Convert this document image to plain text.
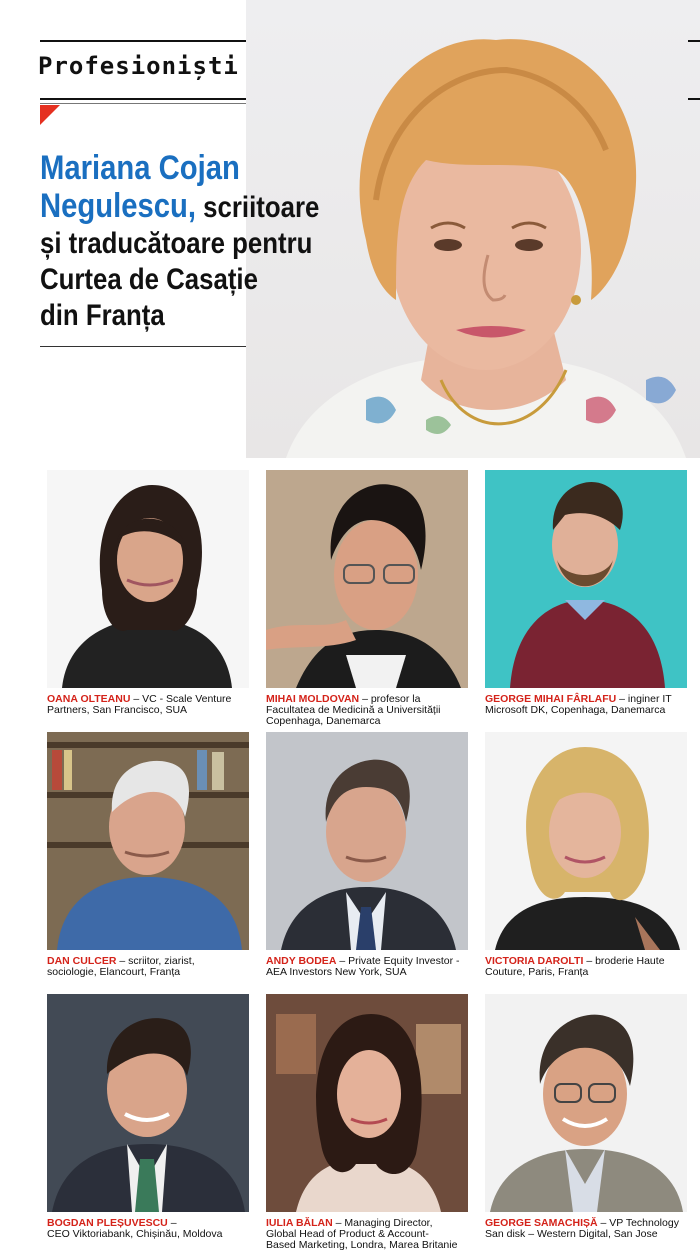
Profesioniști
Mariana Cojan
Negulescu, scriitoare
și traducătoare pentru
Curtea de Casație
din Franța
OANA OLTEANU – VC - Scale Venture
Partners, San Francisco, SUA
MIHAI MOLDOVAN – profesor la
Facultatea de Medicină a Universității
Copenhaga, Danemarca
GEORGE MIHAI FÂRLAFU – inginer IT
Microsoft DK, Copenhaga, Danemarca
DAN CULCER – scriitor, ziarist,
sociologie, Elancourt, Franța
ANDY BODEA – Private Equity Investor -
AEA Investors New York, SUA
VICTORIA DAROLTI – broderie Haute
Couture, Paris, Franța
BOGDAN PLEȘUVESCU –
CEO Viktoriabank, Chișinău, Moldova
IULIA BĂLAN – Managing Director,
Global Head of Product & Account-
Based Marketing, Londra, Marea Britanie
GEORGE SAMACHIȘĂ – VP Technology
San disk – Western Digital, San Jose
